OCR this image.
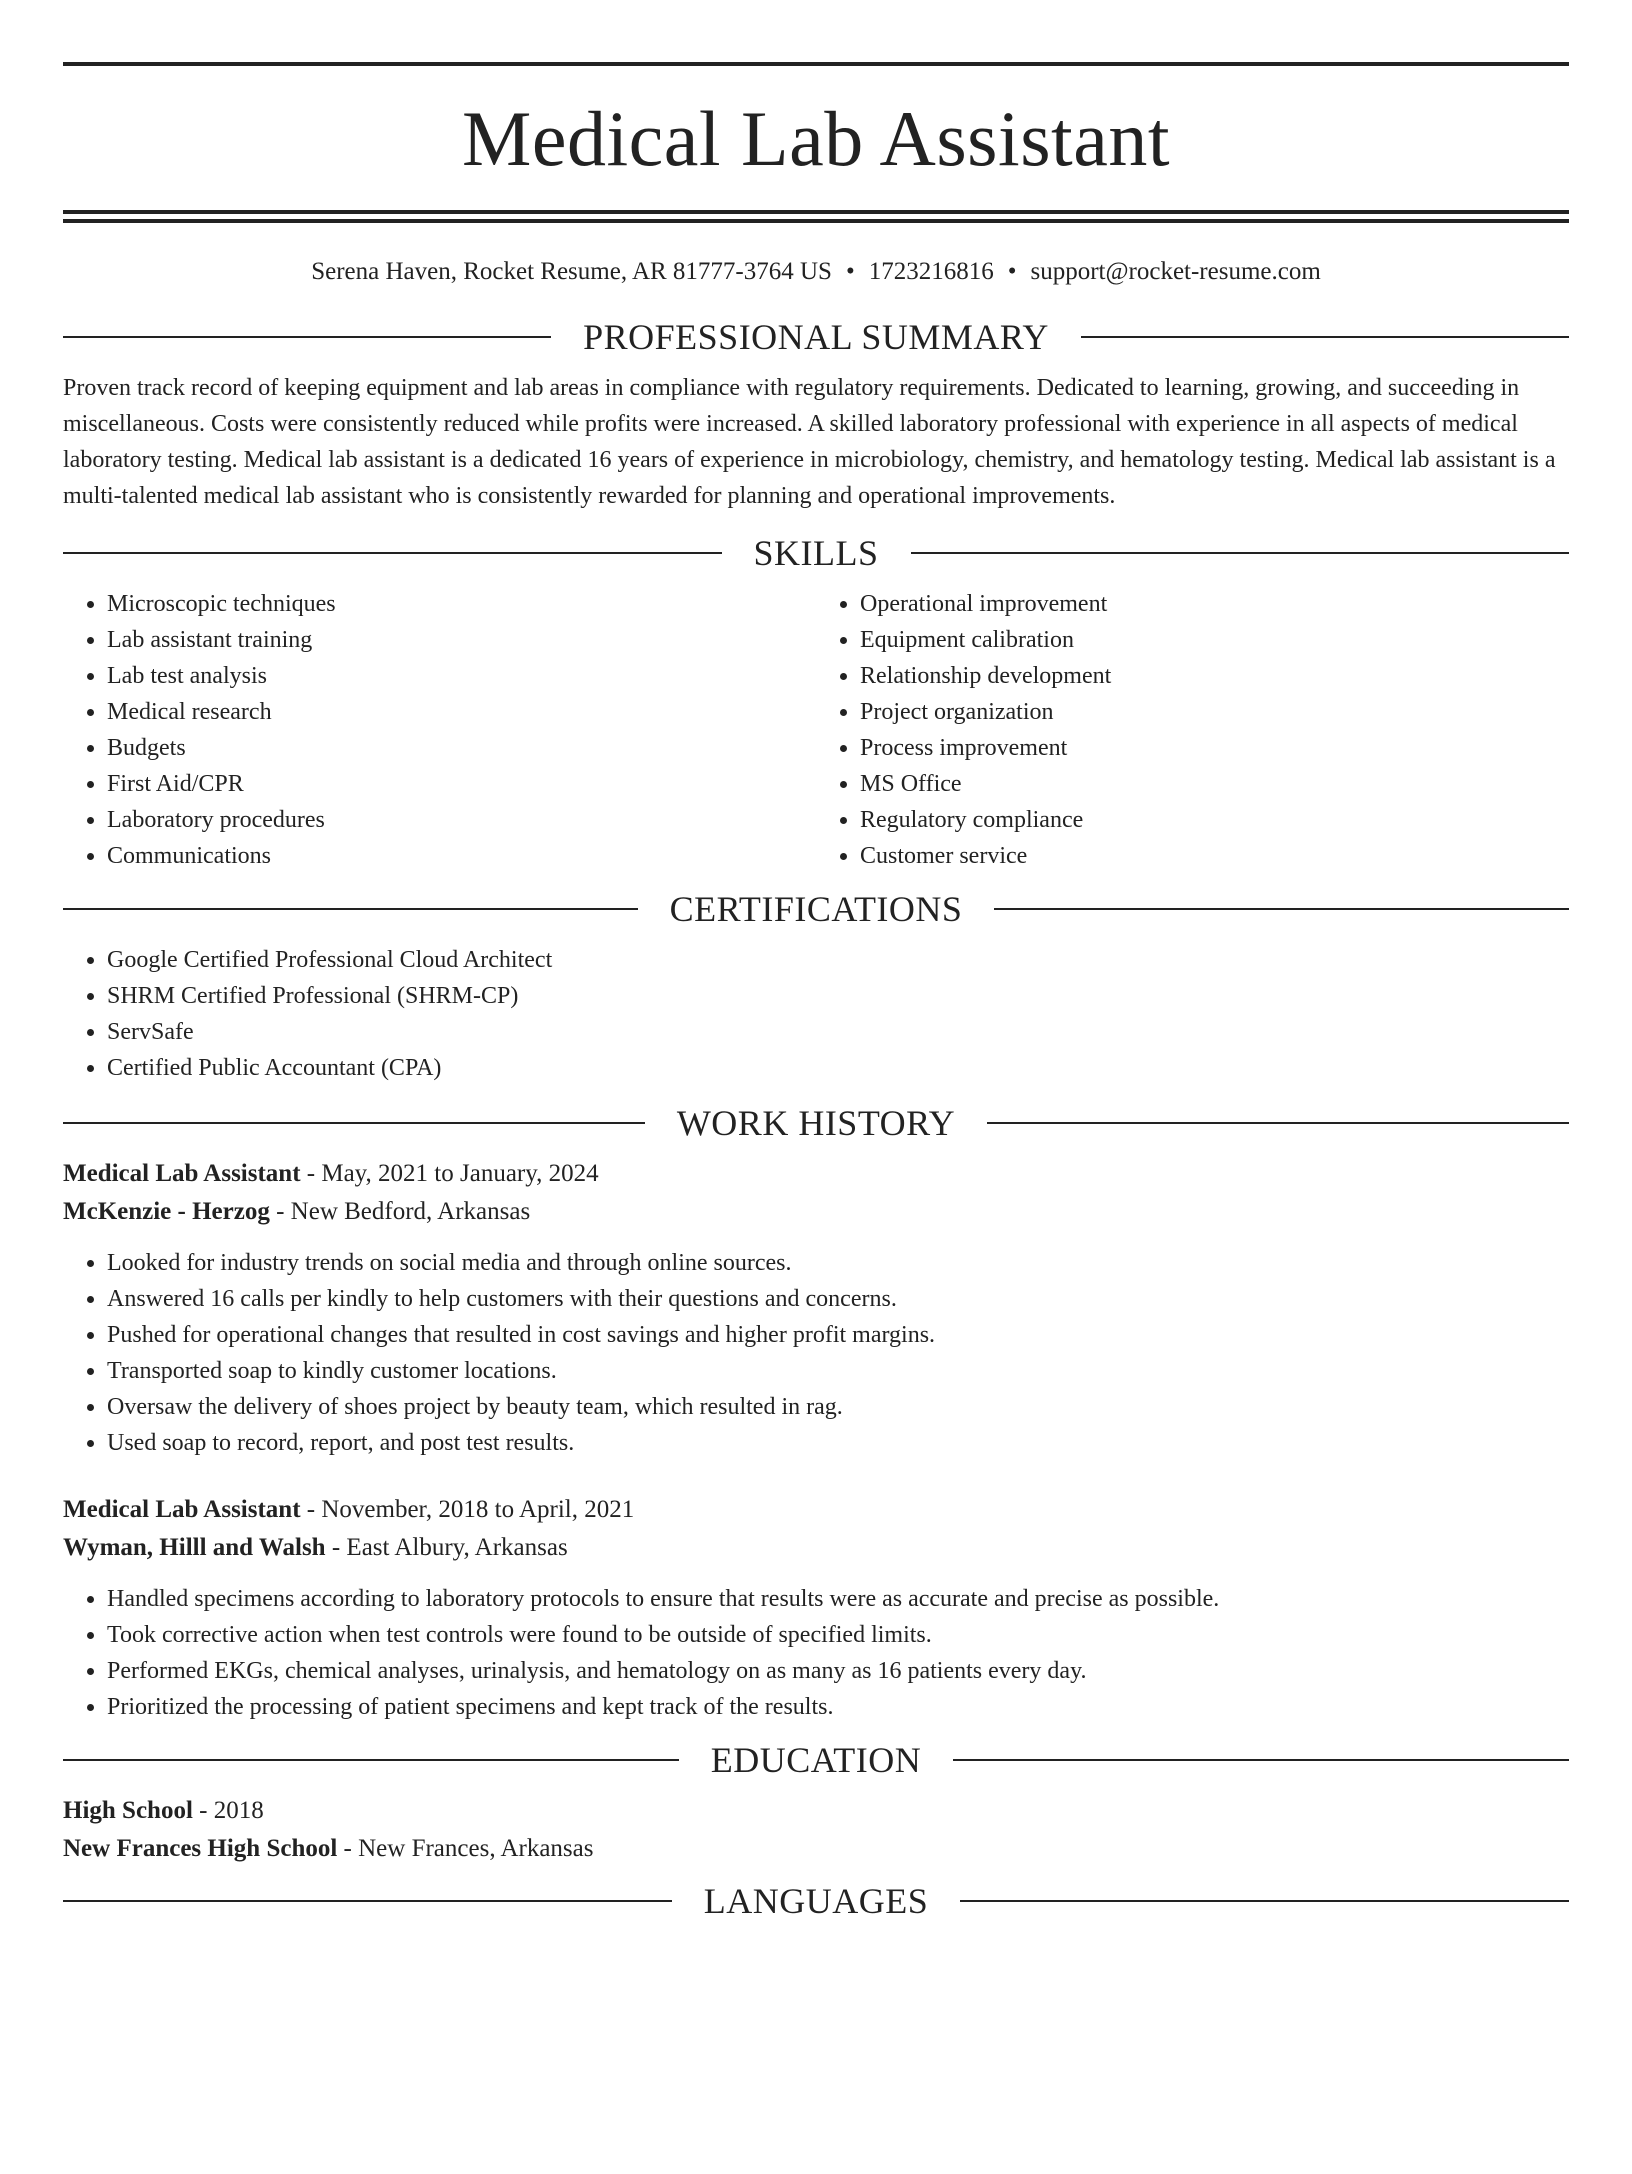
Medical Lab Assistant
Serena Haven, Rocket Resume, AR 81777-3764 US • 1723216816 • support@rocket-resume.com
PROFESSIONAL SUMMARY

Proven track record of keeping equipment and lab areas in compliance with regulatory requirements. Dedicated to learning, growing, and succeeding in miscellaneous. Costs were consistently reduced while profits were increased. A skilled laboratory professional with experience in all aspects of medical laboratory testing. Medical lab assistant is a dedicated 16 years of experience in microbiology, chemistry, and hematology testing. Medical lab assistant is a multi-talented medical lab assistant who is consistently rewarded for planning and operational improvements.

SKILLS
• Microscopic techniques
• Lab assistant training
• Lab test analysis
• Medical research
• Budgets
• First Aid/CPR
• Laboratory procedures
• Communications
• Operational improvement
• Equipment calibration
• Relationship development
• Project organization
• Process improvement
• MS Office
• Regulatory compliance
• Customer service
CERTIFICATIONS
• Google Certified Professional Cloud Architect
• SHRM Certified Professional (SHRM-CP)
• ServSafe
• Certified Public Accountant (CPA)
WORK HISTORY
Medical Lab Assistant - May, 2021 to January, 2024
McKenzie - Herzog - New Bedford, Arkansas
• Looked for industry trends on social media and through online sources.
• Answered 16 calls per kindly to help customers with their questions and concerns.
• Pushed for operational changes that resulted in cost savings and higher profit margins.
• Transported soap to kindly customer locations.
• Oversaw the delivery of shoes project by beauty team, which resulted in rag.
• Used soap to record, report, and post test results.
Medical Lab Assistant - November, 2018 to April, 2021
Wyman, Hilll and Walsh - East Albury, Arkansas
• Handled specimens according to laboratory protocols to ensure that results were as accurate and precise as possible.
• Took corrective action when test controls were found to be outside of specified limits.
• Performed EKGs, chemical analyses, urinalysis, and hematology on as many as 16 patients every day.
• Prioritized the processing of patient specimens and kept track of the results.
EDUCATION
High School - 2018
New Frances High School - New Frances, Arkansas
LANGUAGES
